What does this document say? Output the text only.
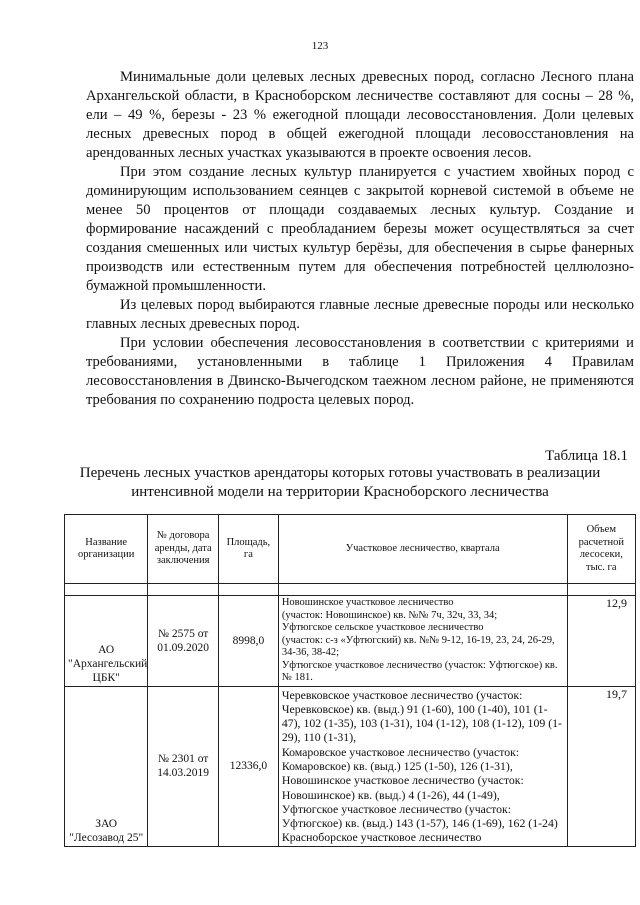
123

Минимальные доли целевых лесных древесных пород, согласно Лесного плана Архангельской области, в Красноборском лесничестве составляют для сосны – 28 %, ели – 49 %, березы - 23 % ежегодной площади лесовосстановления. Доли целевых лесных древесных пород в общей ежегодной площади лесовосстановления на арендованных лесных участках указываются в проекте освоения лесов.

При этом создание лесных культур планируется с участием хвойных пород с доминирующим использованием сеянцев с закрытой корневой системой в объеме не менее 50 процентов от площади создаваемых лесных культур. Создание и формирование насаждений с преобладанием березы может осуществляться за счет создания смешенных или чистых культур берёзы, для обеспечения в сырье фанерных производств или естественным путем для обеспечения потребностей целлюлозно-бумажной промышленности.

Из целевых пород выбираются главные лесные древесные породы или несколько главных лесных древесных пород.

При условии обеспечения лесовосстановления в соответствии с критериями и требованиями, установленными в таблице 1 Приложения 4 Правилам лесовосстановления в Двинско-Вычегодском таежном лесном районе, не применяются требования по сохранению подроста целевых пород.

Таблица 18.1
Перечень лесных участков арендаторы которых готовы участвовать в реализации интенсивной модели на территории Красноборского лесничества
Название организации	№ договора аренды, дата заключения	Площадь, га	Участковое лесничество, квартала	Объем расчетной лесосеки, тыс. га

АО "Архангельский ЦБК"	№ 2575 от 01.09.2020	8998,0	Новошинское участковое лесничество
(участок: Новошинское) кв. №№ 7ч, 32ч, 33, 34;
Уфтюгское сельское участковое лесничество
(участок: с-з «Уфтюгский) кв. №№ 9-12, 16-19, 23, 24, 26-29, 34-36, 38-42;
Уфтюгское участковое лесничество (участок: Уфтюгское) кв. № 181.	12,9
ЗАО "Лесозавод 25"	№ 2301 от 14.03.2019	12336,0	Черевковское участковое лесничество (участок: Черевковское) кв. (выд.) 91 (1-60), 100 (1-40), 101 (1-47), 102 (1-35), 103 (1-31), 104 (1-12), 108 (1-12), 109 (1-29), 110 (1-31),
Комаровское участковое лесничество (участок: Комаровское) кв. (выд.) 125 (1-50), 126 (1-31),
Новошинское участковое лесничество (участок: Новошинское) кв. (выд.) 4 (1-26), 44 (1-49),
Уфтюгское участковое лесничество (участок: Уфтюгское) кв. (выд.) 143 (1-57), 146 (1-69), 162 (1-24)
Красноборское участковое лесничество	19,7
